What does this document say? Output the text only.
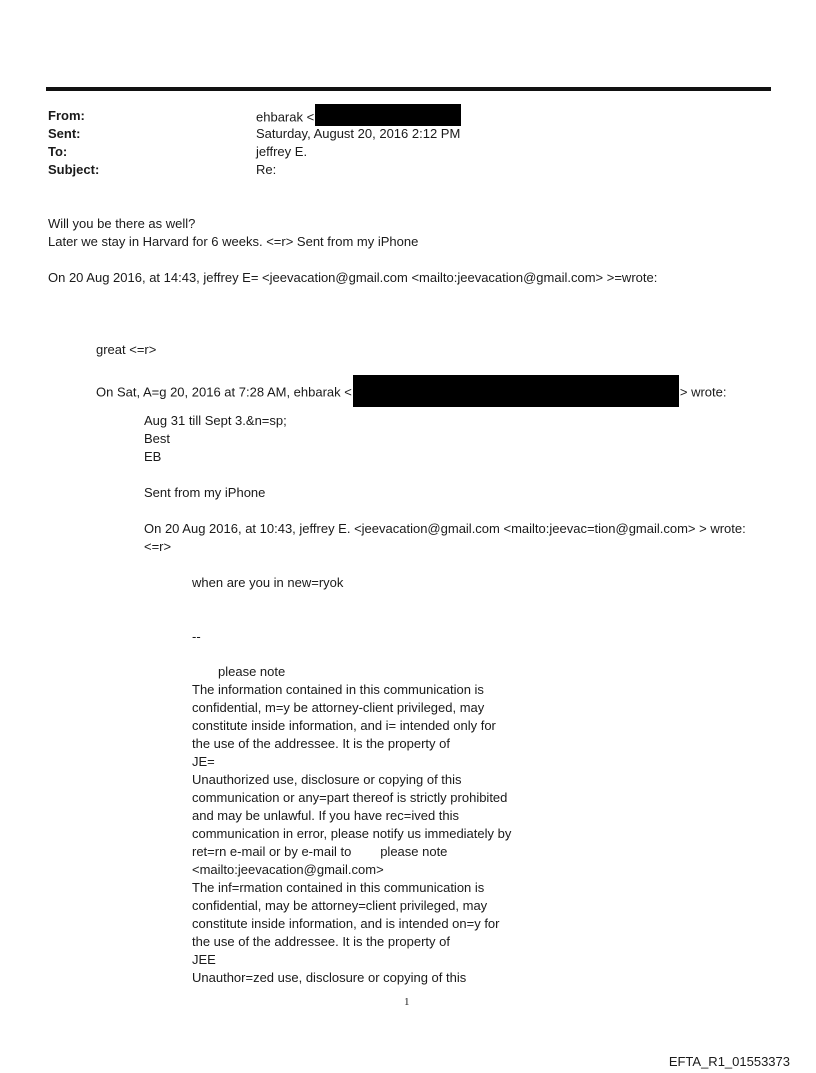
From:	ehbarak <
Sent:	Saturday, August 20, 2016 2:12 PM
To:	jeffrey E.
Subject:	Re:
Will you be there as well?
Later we stay in Harvard for 6 weeks. <=r> Sent from my iPhone
On 20 Aug 2016, at 14:43, jeffrey E= <jeevacation@gmail.com <mailto:jeevacation@gmail.com> >=wrote:
great <=r>
On Sat, A=g 20, 2016 at 7:28 AM, ehbarak <	> wrote:
Aug 31 till Sept 3.&n=sp;
Best
EB
Sent from my iPhone
On 20 Aug 2016, at 10:43, jeffrey E. <jeevacation@gmail.com <mailto:jeevac=tion@gmail.com> > wrote:
<=r>
when are you in new=ryok
--
please note
The information contained in this communication is
confidential, m=y be attorney-client privileged, may
constitute inside information, and i= intended only for
the use of the addressee. It is the property of
JE=
Unauthorized use, disclosure or copying of this
communication or any=part thereof is strictly prohibited
and may be unlawful. If you have rec=ived this
communication in error, please notify us immediately by
ret=rn e-mail or by e-mail to        please note
<mailto:jeevacation@gmail.com>
The inf=rmation contained in this communication is
confidential, may be attorney=client privileged, may
constitute inside information, and is intended on=y for
the use of the addressee. It is the property of
JEE
Unauthor=zed use, disclosure or copying of this
1
EFTA_R1_01553373
